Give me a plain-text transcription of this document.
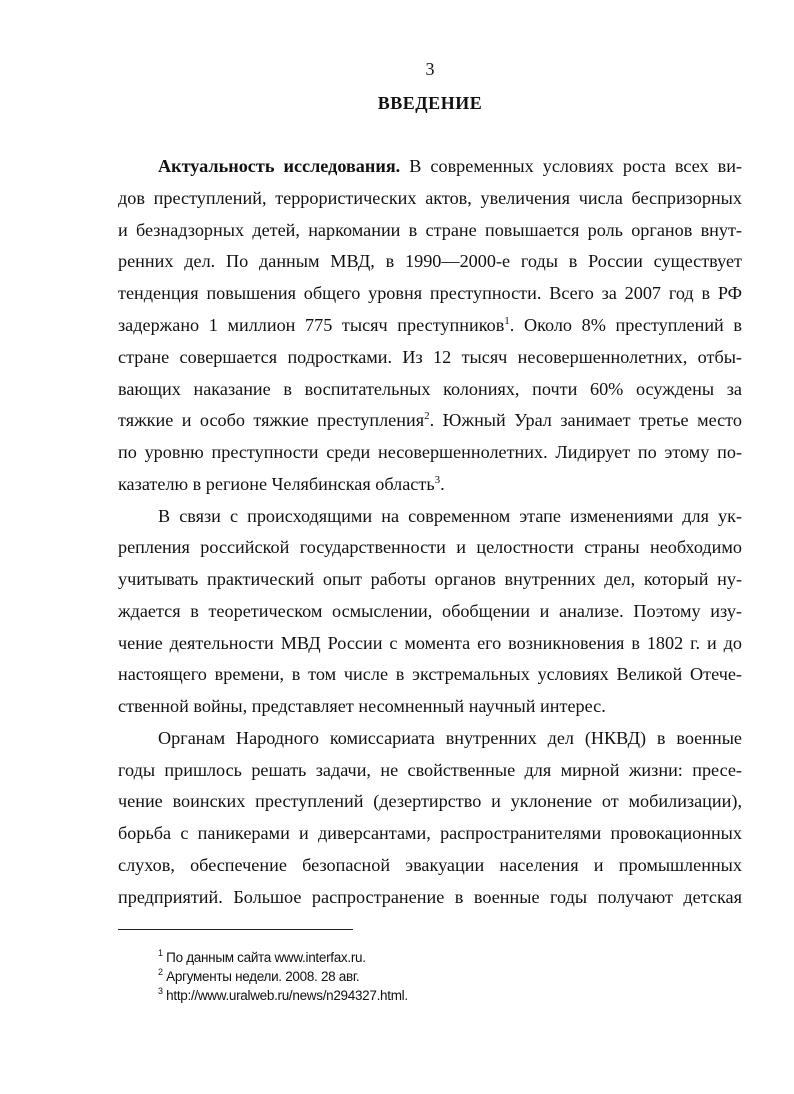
3
ВВЕДЕНИЕ
Актуальность исследования. В современных условиях роста всех ви-
дов преступлений, террористических актов, увеличения числа беспризорных
и безнадзорных детей, наркомании в стране повышается роль органов внут-
ренних дел. По данным МВД, в 1990—2000-е годы в России существует
тенденция повышения общего уровня преступности. Всего за 2007 год в РФ
задержано 1 миллион 775 тысяч преступников$^1$. Около 8% преступлений в
стране совершается подростками. Из 12 тысяч несовершеннолетних, отбы-
вающих наказание в воспитательных колониях, почти 60% осуждены за
тяжкие и особо тяжкие преступления$^2$. Южный Урал занимает третье место
по уровню преступности среди несовершеннолетних. Лидирует по этому по-
казателю в регионе Челябинская область$^3$.
В связи с происходящими на современном этапе изменениями для ук-
репления российской государственности и целостности страны необходимо
учитывать практический опыт работы органов внутренних дел, который ну-
ждается в теоретическом осмыслении, обобщении и анализе. Поэтому изу-
чение деятельности МВД России с момента его возникновения в 1802 г. и до
настоящего времени, в том числе в экстремальных условиях Великой Отече-
ственной войны, представляет несомненный научный интерес.
Органам Народного комиссариата внутренних дел (НКВД) в военные
годы пришлось решать задачи, не свойственные для мирной жизни: пресе-
чение воинских преступлений (дезертирство и уклонение от мобилизации),
борьба с паникерами и диверсантами, распространителями провокационных
слухов, обеспечение безопасной эвакуации населения и промышленных
предприятий. Большое распространение в военные годы получают детская
$^1$ По данным сайта www.interfax.ru.
$^2$ Аргументы недели. 2008. 28 авг.
$^3$ http://www.uralweb.ru/news/n294327.html.
